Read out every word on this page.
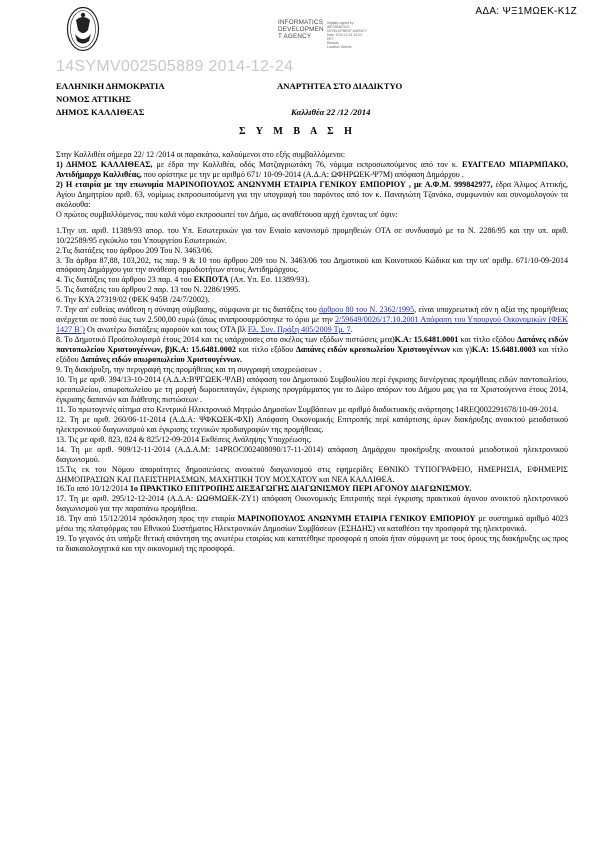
ΑΔΑ: ΨΞ1ΜΩΕΚ-Κ1Ζ
INFORMATICS
DEVELOPMEN
T AGENCY
Digitally signed by
INFORMATICS
DEVELOPMENT AGENCY
Date: 2014.12.24 13:10:
EET
Reason:
Location: Athens
14SYMV002505889 2014-12-24
ΕΛΛΗΝΙΚΗ ΔΗΜΟΚΡΑΤΙΑ
ΝΟΜΟΣ ΑΤΤΙΚΗΣ
ΔΗΜΟΣ ΚΑΛΛΙΘΕΑΣ
ΑΝΑΡΤΗΤΕΑ ΣΤΟ ΔΙΑΔΙΚΤΥΟ
Καλλιθέα 22 /12 /2014
Σ Υ Μ Β Α Σ Η

Στην Καλλιθέα σήμερα 22/ 12 /2014 οι παρακάτω, καλούμενοι στο εξής συμβαλλόμενοι:

1) ΔΗΜΟΣ ΚΑΛΛΙΘΕΑΣ, με έδρα την Καλλιθέα, οδός Ματζαγριωτάκη 76, νόμιμα εκπροσωπούμενος από τον κ. ΕΥΑΓΓΕΛΟ ΜΠΑΡΜΠΑΚΟ, Αντιδήμαρχο Καλλιθέας, που ορίστηκε με την με αριθμό 671/ 10-09-2014 (Α.Δ.Α: ΩΦΗΡΩΕΚ-Ψ7Μ) απόφαση Δημάρχου .

2) Η εταιρία με την επωνυμία ΜΑΡΙΝΟΠΟΥΛΟΣ ΑΝΩΝΥΜΗ ΕΤΑΙΡΙΑ ΓΕΝΙΚΟΥ ΕΜΠΟΡΙΟΥ , με Α.Φ.Μ. 999842977, έδρα Άλιμος Αττικής, Αγίου Δημητρίου αριθ. 63, νομίμως εκπροσωπούμενη για την υπογραφή του παρόντος από τον κ. Παναγιώτη Τζανάκο, συμφωνούν και συνομολογούν τα ακόλουθα:

Ο πρώτος συμβαλλόμενος, που καλά νόμο εκπροσωπεί τον Δήμο, ως αναθέτουσα αρχή έχοντας υπ' όψιν:

1.Την υπ. αριθ. 11389/93 απορ. του Υπ. Εσωτερικών για τον Ενιαίο κανονισμό προμηθειών ΟΤΑ σε συνδυασμό με το Ν. 2286/95 και την υπ. αριθ. 10/22589/95 εγκύκλιο του Υπουργείου Εσωτερικών.

2.Τις διατάξεις του άρθρου 209 Του Ν. 3463/06.

3. Τα άρθρα 87,88, 103,202, τις παρ. 9 & 10 του άρθρου 209 του Ν. 3463/06 του Δημοτικού και Κοινοτικού Κώδικα και την υπ' αριθμ. 671/10-09-2014 απόφαση Δημάρχου για την ανάθεση αρμοδιοτήτων στους Αντιδημάρχους.

4. Τις διατάξεις του άρθρου 23 παρ. 4 του ΕΚΠΟΤΑ (Απ. Υπ. Εσ. 11389/93).

5. Τις διατάξεις του άρθρου 2 παρ. 13 του Ν. 2286/1995.

6. Την ΚΥΑ 27319/02 (ΦΕΚ 945Β /24/7/2002).

7. Την απ' ευθείας ανάθεση η σύναψη σύμβασης, σύμφωνα με τις διατάξεις του άρθρου 80 του Ν. 2362/1995, είναι υποχρεωτική εάν η αξία της προμήθειας ανέρχεται σε ποσό έως των 2.500,00 ευρώ (όπως αναπροσαρμόστηκε το όριο με την 2/59649/0026/17.10.2001 Απόφαση του Υπουργού Οικονομικών (ΦΕΚ 1427 Β΄) Οι ανωτέρω διατάξεις αφορούν και τους ΟΤΑ βλ Ελ. Συν. Πράξη 405/2009 Τμ. 7.

8. Το Δημοτικό Προϋπολογισμό έτους 2014 και τις υπάρχουσες στο σκέλος των εξόδων πιστώσεις μεα)Κ.Α: 15.6481.0001 και τίτλο εξόδου Δαπάνες ειδών παντοπωλείου Χριστουγέννων, β)Κ.Α: 15.6481.0002 και τίτλο εξόδου Δαπάνες ειδών κρεοπωλείου Χριστουγέννων και γ)Κ.Α: 15.6481.0003 και τίτλο εξόδου Δαπάνες ειδών οπωροπωλείου Χριστουγέννων.

9. Τη διακήρυξη, την περιγραφή της προμήθειας και τη συγγραφή υποχρεώσεων .

10. Τη με αριθ. 394/13-10-2014 (Α.Δ.Α:ΒΨΓΩΕΚ-ΨΛΒ) απόφαση του Δημοτικού Συμβουλίου περί έγκρισης διενέργειας προμήθειας ειδών παντοπωλείου, κρεοπωλείου, οπωροπωλείου με τη μορφή δωροεπιταγών, έγκρισης προγράμματος για το Δώρο απόρων του Δήμου μας για τα Χριστούγεννα έτους 2014, έγκρισης δαπανών και διάθεσης πιστώσεων .

11. Το πρωτογενές αίτημα στο Κεντρικό Ηλεκτρονικό Μητρώο Δημοσίων Συμβάσεων με αριθμό διαδικτυακής ανάρτησης 14REQ002291678/10-09-2014.

12. Τη με αριθ. 260/06-11-2014 (Α.Δ.Α: ΨΦΚΩΕΚ-ΦΧΙ) Απόφαση Οικονομικής Επιτροπής περί κατάρτισης όρων διακήρυξης ανοικτού μειοδοτικού ηλεκτρονικού διαγωνισμού και έγκρισης τεχνικών προδιαγραφών της προμήθειας.

13. Τις με αριθ. 823, 824 & 825/12-09-2014 Εκθέσεις Ανάληψης Υποχρέωσης.

14. Τη με αριθ. 909/12-11-2014 (Α.Δ.Α.Μ: 14PROC002408090/17-11-2014) απόφαση Δημάρχου προκήρυξης ανοικτού μειοδοτικού ηλεκτρονικού διαγωνισμού.

15.Τις εκ του Νόμου απαραίτητες δημοσιεύσεις ανοικτού διαγωνισμού στις εφημερίδες ΕΘΝΙΚΟ ΤΥΠΟΓΡΑΦΕΙΟ, ΗΜΕΡΗΣΙΑ, ΕΦΗΜΕΡΙΣ ΔΗΜΟΠΡΑΣΙΩΝ ΚΑΙ ΠΛΕΙΣΤΗΡΙΑΣΜΩΝ, ΜΑΧΗΤΙΚΗ ΤΟΥ ΜΟΣΧΑΤΟΥ και ΝΕΑ ΚΑΛΛΙΘΕΑ.

16.Το από 10/12/2014 1ο ΠΡΑΚΤΙΚΟ ΕΠΙΤΡΟΠΗΣ ΔΙΕΞΑΓΩΓΗΣ ΔΙΑΓΩΝΙΣΜΟΥ ΠΕΡΙ ΑΓΟΝΟΥ ΔΙΑΓΩΝΙΣΜΟΥ.

17. Τη με αριθ. 295/12-12-2014 (Α.Δ.Α: ΩΩΘΜΩΕΚ-ΖΥ1) απόφαση Οικονομικής Επιτροπής περί έγκρισης πρακτικού άγονου ανοικτού ηλεκτρονικού διαγωνισμού για την παραπάνω προμήθεια.

18. Την από 15/12/2014 πρόσκληση προς την εταιρία ΜΑΡΙΝΟΠΟΥΛΟΣ ΑΝΩΝΥΜΗ ΕΤΑΙΡΙΑ ΓΕΝΙΚΟΥ ΕΜΠΟΡΙΟΥ με συστημικό αριθμό 4023 μέσω της πλατφόρμας του Εθνικού Συστήματος Ηλεκτρονικών Δημοσίων Συμβάσεων (ΕΣΗΔΗΣ) να καταθέσει την προσφορά της ηλεκτρονικά.

19. Το γεγονός ότι υπήρξε θετική απάντηση της ανωτέρω εταιρίας και κατατέθηκε προσφορά η οποία ήταν σύμφωνη με τους όρους της διακήρυξης ως προς τα διακαιολογητικά και την οικονομική της προσφορά.
